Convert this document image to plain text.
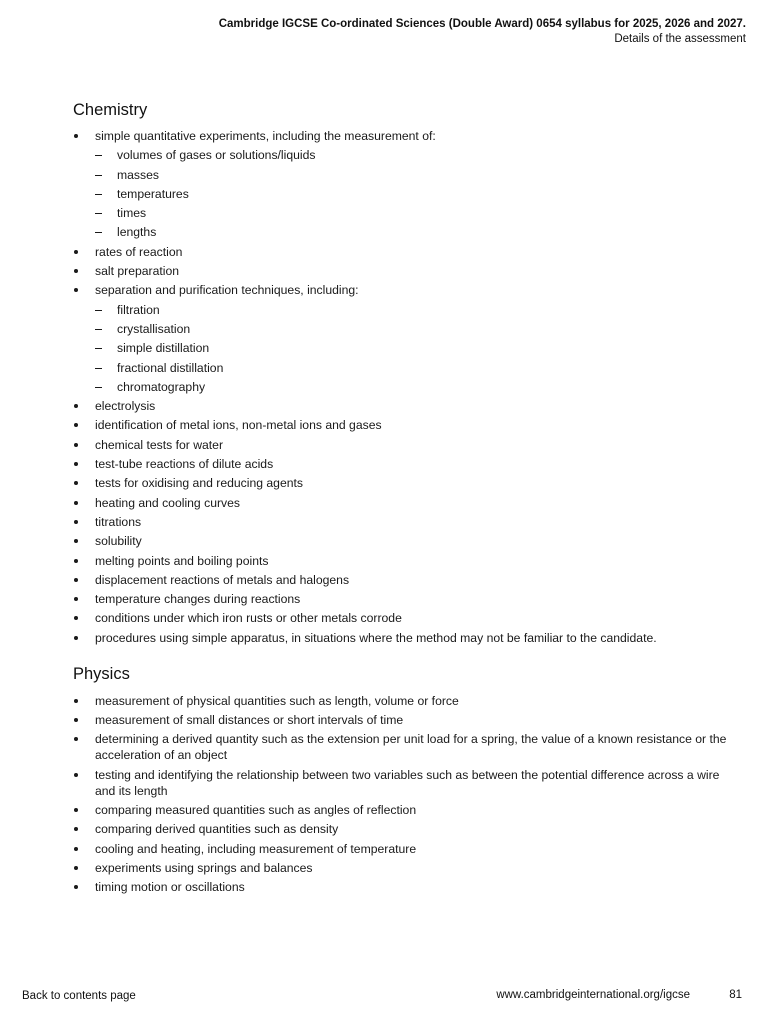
Cambridge IGCSE Co-ordinated Sciences (Double Award) 0654 syllabus for 2025, 2026 and 2027.
Details of the assessment
Chemistry
simple quantitative experiments, including the measurement of:
volumes of gases or solutions/liquids
masses
temperatures
times
lengths
rates of reaction
salt preparation
separation and purification techniques, including:
filtration
crystallisation
simple distillation
fractional distillation
chromatography
electrolysis
identification of metal ions, non-metal ions and gases
chemical tests for water
test-tube reactions of dilute acids
tests for oxidising and reducing agents
heating and cooling curves
titrations
solubility
melting points and boiling points
displacement reactions of metals and halogens
temperature changes during reactions
conditions under which iron rusts or other metals corrode
procedures using simple apparatus, in situations where the method may not be familiar to the candidate.
Physics
measurement of physical quantities such as length, volume or force
measurement of small distances or short intervals of time
determining a derived quantity such as the extension per unit load for a spring, the value of a known resistance or the acceleration of an object
testing and identifying the relationship between two variables such as between the potential difference across a wire and its length
comparing measured quantities such as angles of reflection
comparing derived quantities such as density
cooling and heating, including measurement of temperature
experiments using springs and balances
timing motion or oscillations
Back to contents page	www.cambridgeinternational.org/igcse	81
